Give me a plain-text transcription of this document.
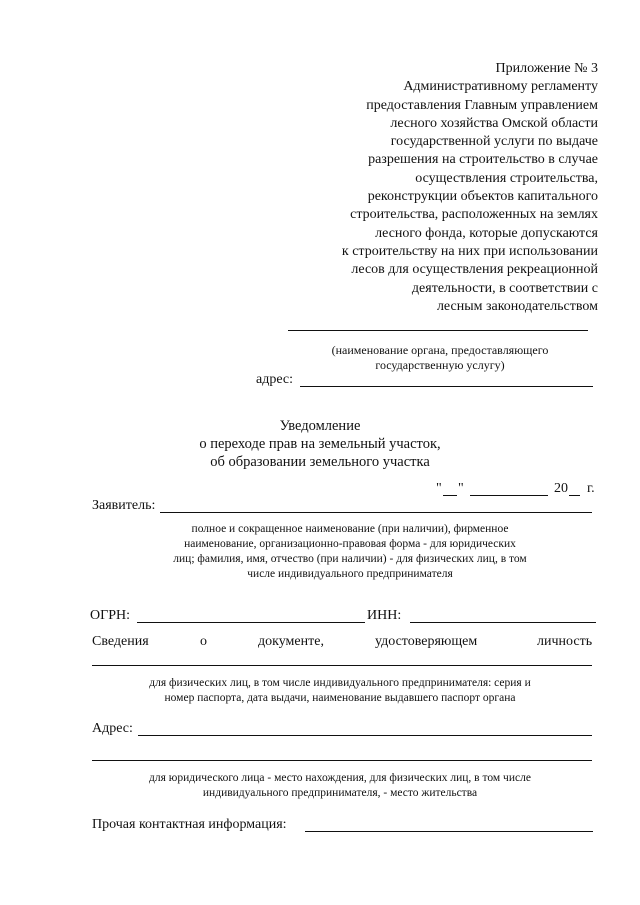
Приложение № 3
Административному регламенту
предоставления Главным управлением
лесного хозяйства Омской области
государственной услуги по выдаче
разрешения на строительство в случае
осуществления строительства,
реконструкции объектов капитального
строительства, расположенных на землях
лесного фонда, которые допускаются
к строительству на них при использовании
лесов для осуществления рекреационной
деятельности, в соответствии с
лесным законодательством
(наименование органа, предоставляющего
государственную услугу)
адрес:
Уведомление
о переходе прав на земельный участок,
об образовании земельного участка
" "	20 г.
Заявитель:
полное и сокращенное наименование (при наличии), фирменное
наименование, организационно-правовая форма - для юридических
лиц; фамилия, имя, отчество (при наличии) - для физических лиц, в том
числе индивидуального предпринимателя
ОГРН:	ИНН:
Сведения	о	документе,	удостоверяющем	личность
для физических лиц, в том числе индивидуального предпринимателя: серия и
номер паспорта, дата выдачи, наименование выдавшего паспорт органа
Адрес:
для юридического лица - место нахождения, для физических лиц, в том числе
индивидуального предпринимателя, - место жительства
Прочая контактная информация:
